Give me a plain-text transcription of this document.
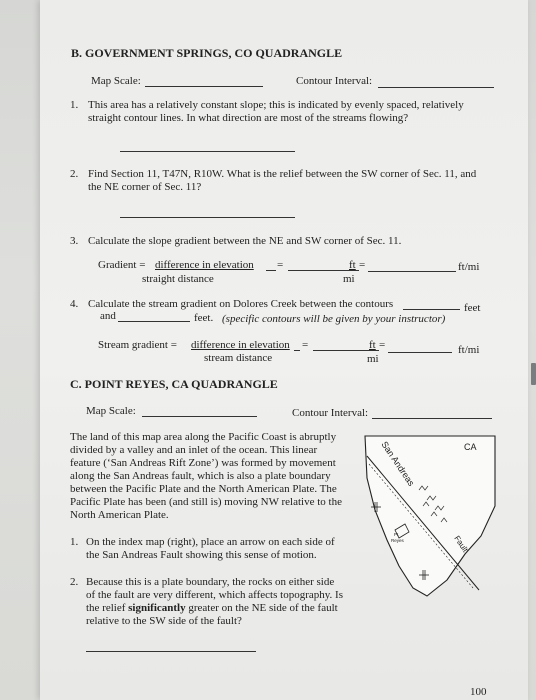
B. GOVERNMENT SPRINGS, CO QUADRANGLE
Map Scale:	Contour Interval:
1. This area has a relatively constant slope; this is indicated by evenly spaced, relatively
straight contour lines. In what direction are most of the streams flowing?
2. Find Section 11, T47N, R10W. What is the relief between the SW corner of Sec. 11, and
the NE corner of Sec. 11?
3. Calculate the slope gradient between the NE and SW corner of Sec. 11.
Gradient = difference in elevation
straight distance
=	ft =
mi
ft/mi
4. Calculate the stream gradient on Dolores Creek between the contours	feet
and	feet. (specific contours will be given by your instructor)
Stream gradient = difference in elevation
stream distance
=	ft =
mi
ft/mi
C. POINT REYES, CA QUADRANGLE
Map Scale:	Contour Interval:
The land of this map area along the Pacific Coast is abruptly
divided by a valley and an inlet of the ocean. This linear
feature (‘San Andreas Rift Zone’) was formed by movement
along the San Andreas fault, which is also a plate boundary
between the Pacific Plate and the North American Plate. The
Pacific Plate has been (and still is) moving NW relative to the
North American Plate.
1. On the index map (right), place an arrow on each side of
the San Andreas Fault showing this sense of motion.
2. Because this is a plate boundary, the rocks on either side
of the fault are very different, which affects topography. Is
the relief significantly greater on the NE side of the fault
relative to the SW side of the fault?
CA
San Andreas
Fault
Pt.
Reyes
100
